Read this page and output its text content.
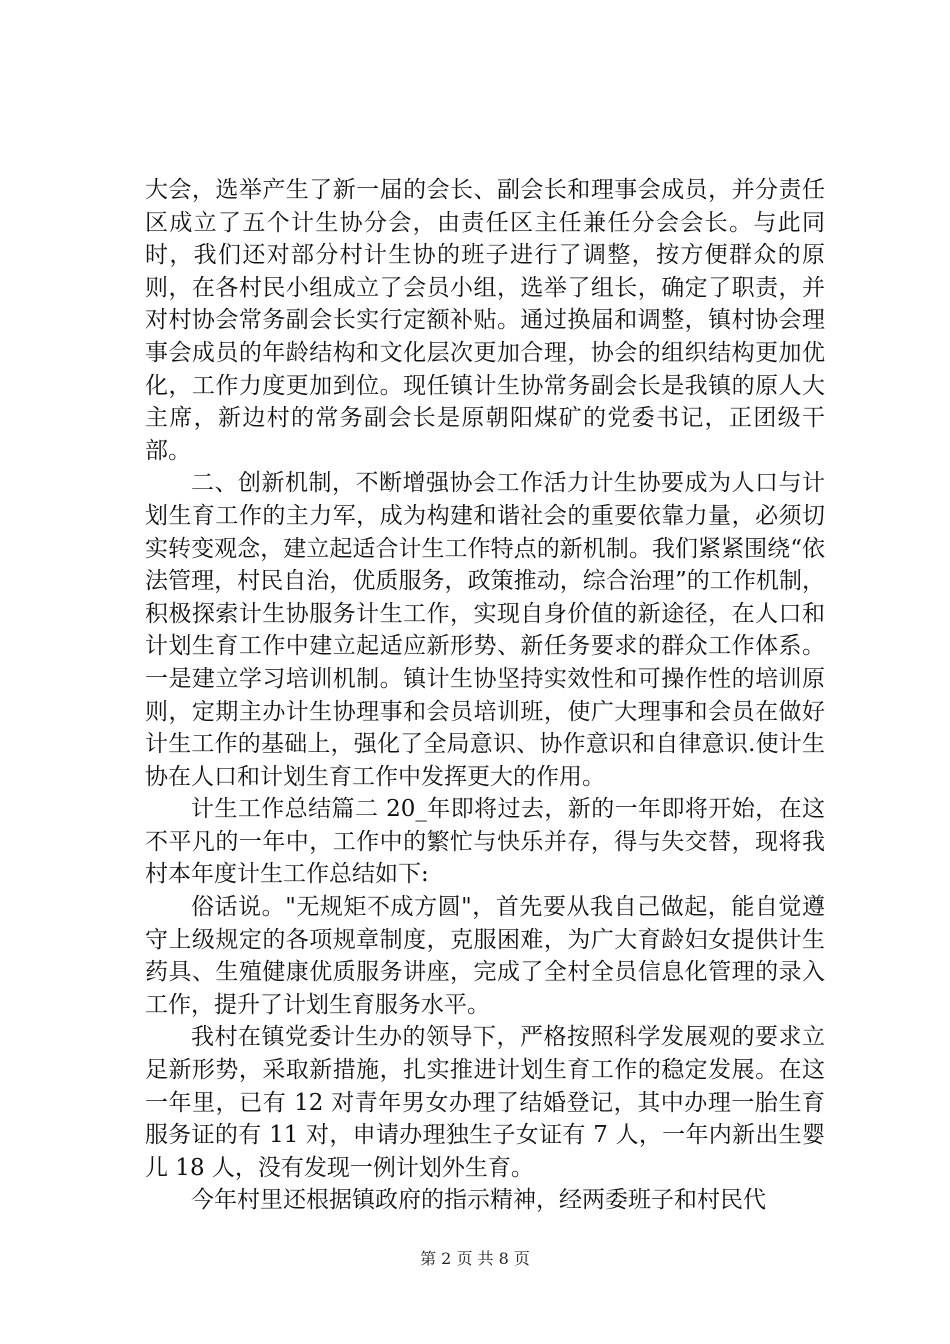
大会，选举产生了新一届的会长、副会长和理事会成员，并分责任区成立了五个计生协分会，由责任区主任兼任分会会长。与此同时，我们还对部分村计生协的班子进行了调整，按方便群众的原则，在各村民小组成立了会员小组，选举了组长，确定了职责，并对村协会常务副会长实行定额补贴。通过换届和调整，镇村协会理事会成员的年龄结构和文化层次更加合理，协会的组织结构更加优化，工作力度更加到位。现任镇计生协常务副会长是我镇的原人大主席，新边村的常务副会长是原朝阳煤矿的党委书记，正团级干部。

二、创新机制，不断增强协会工作活力计生协要成为人口与计划生育工作的主力军，成为构建和谐社会的重要依靠力量，必须切实转变观念，建立起适合计生工作特点的新机制。我们紧紧围绕“依法管理，村民自治，优质服务，政策推动，综合治理”的工作机制，积极探索计生协服务计生工作，实现自身价值的新途径，在人口和计划生育工作中建立起适应新形势、新任务要求的群众工作体系。一是建立学习培训机制。镇计生协坚持实效性和可操作性的培训原则，定期主办计生协理事和会员培训班，使广大理事和会员在做好计生工作的基础上，强化了全局意识、协作意识和自律意识.使计生协在人口和计划生育工作中发挥更大的作用。

计生工作总结篇二 20_年即将过去，新的一年即将开始，在这不平凡的一年中，工作中的繁忙与快乐并存，得与失交替，现将我村本年度计生工作总结如下:

俗话说。"无规矩不成方圆"，首先要从我自己做起，能自觉遵守上级规定的各项规章制度，克服困难，为广大育龄妇女提供计生药具、生殖健康优质服务讲座，完成了全村全员信息化管理的录入工作，提升了计划生育服务水平。

我村在镇党委计生办的领导下，严格按照科学发展观的要求立足新形势，采取新措施，扎实推进计划生育工作的稳定发展。在这一年里，已有 12 对青年男女办理了结婚登记，其中办理一胎生育服务证的有 11 对，申请办理独生子女证有 7 人，一年内新出生婴儿 18 人，没有发现一例计划外生育。

今年村里还根据镇政府的指示精神，经两委班子和村民代

第 2 页 共 8 页
